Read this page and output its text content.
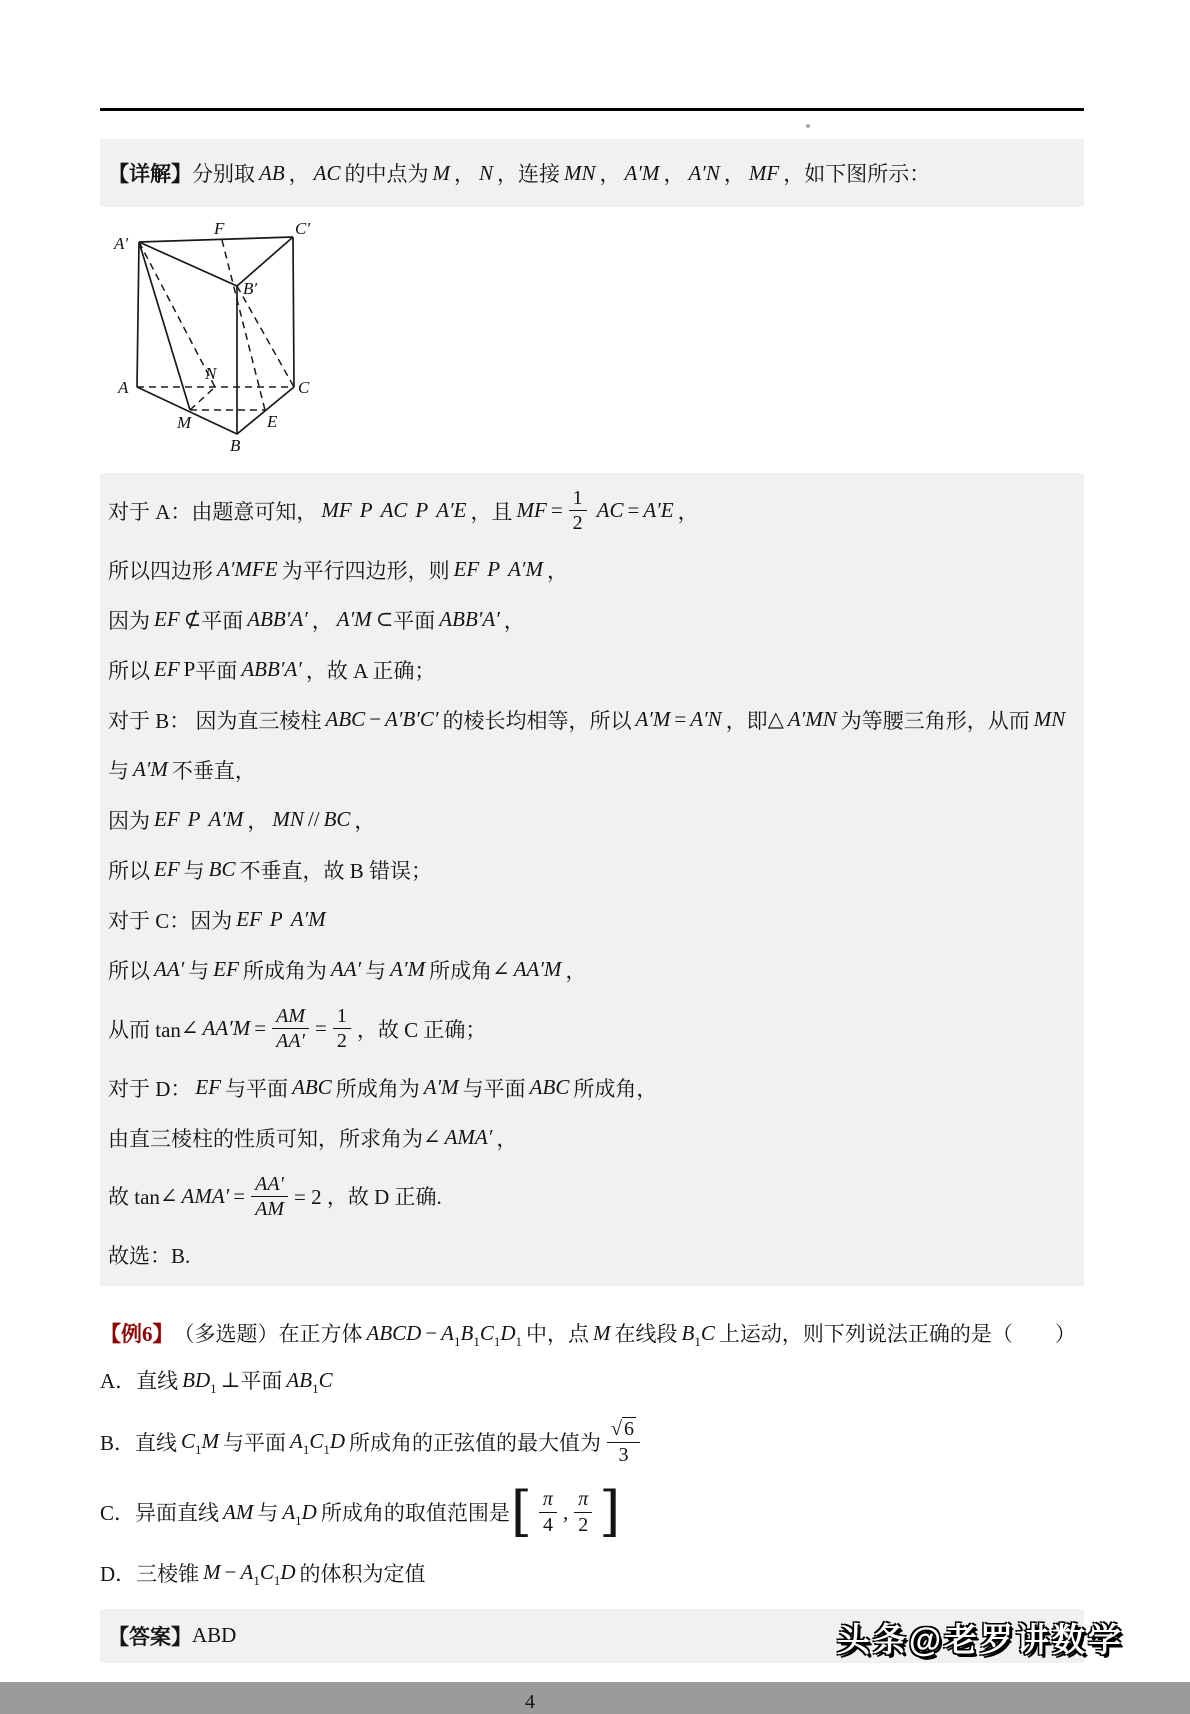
【详解】 分别取 AB ， AC 的中点为 M ， N ，连接 MN ， A′M ， A′N ， MF ，如下图所示：
A′
F	C′
B′
A
N
C
M	E
B
对于 A：由题意可知， MF P AC P A′E ，且 MF = $\frac{1}{2}$ AC = A′E ，
所以四边形 A′MFE 为平行四边形，则 EF P A′M ，
因为 EF ⊄ 平面 ABB′A′ ， A′M ⊂ 平面 ABB′A′ ，
所以 EF P 平面 ABB′A′ ，故 A 正确；
对于 B： 因为直三棱柱 ABC − A′B′C′ 的棱长均相等，所以 A′M = A′N ，即 △ A′MN 为等腰三角形，从而 MN
与 A′M 不垂直，
因为 EF P A′M ， MN // BC ，
所以 EF 与 BC 不垂直，故 B 错误；
对于 C：因为 EF P A′M
所以 AA′ 与 EF 所成角为 AA′ 与 A′M 所成角 ∠ AA′M ，
从而 tan ∠ $AA'M = \frac{AM}{AA'} = \frac{1}{2}$ ，故 C 正确；
对于 D： EF 与平面 ABC 所成角为 A′M 与平面 ABC 所成角，
由直三棱柱的性质可知，所求角为 ∠ AMA′ ，
故 tan ∠ $AMA' = \frac{AA'}{AM} = 2$ ，故 D 正确.
故选：B.
【例6】 （多选题）在正方体 ABCD − A 1 B 1 C 1 D 1 中，点 M 在线段 B 1 C 上运动，则下列说法正确的是（　　）
A．直线 B D 1 ⊥ 平面 A B 1 C
B．直线 C 1 M 与平面 A 1 C 1 D 所成角的正弦值的最大值为 $\frac{√ 6}{3}$
C．异面直线 AM 与 A 1 D 所成角的取值范围是 [ $\frac{\pi}{4}$ , $\frac{\pi}{2}$ ]
D．三棱锥 M − A 1 C 1 D 的体积为定值
【答案】 ABD
4
头条@老罗讲数学
